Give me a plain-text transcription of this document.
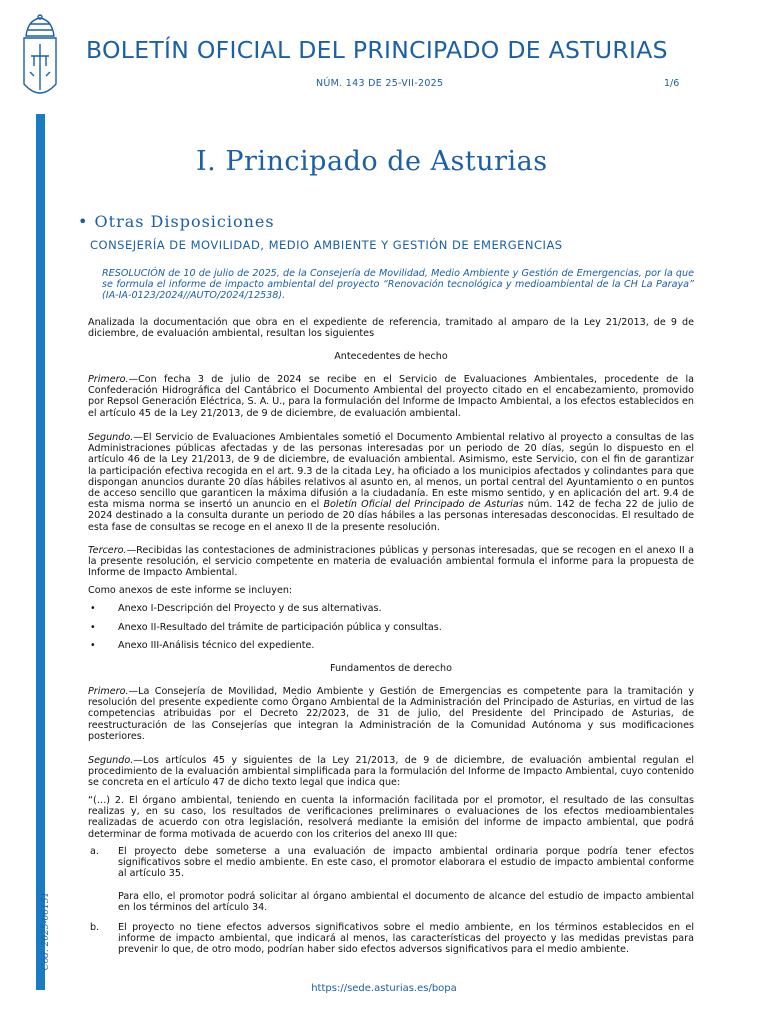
BOLETÍN OFICIAL DEL PRINCIPADO DE ASTURIAS
NÚM. 143 DE 25-VII-2025	1/6
Cód. 2025-06151
I. Principado de Asturias
• Otras Disposiciones
CONSEJERÍA DE MOVILIDAD, MEDIO AMBIENTE Y GESTIÓN DE EMERGENCIAS
RESOLUCIÓN de 10 de julio de 2025, de la Consejería de Movilidad, Medio Ambiente y Gestión de Emergencias, por la que se formula el informe de impacto ambiental del proyecto “Renovación tecnológica y medioambiental de la CH La Paraya” (IA-IA-0123/2024//AUTO/2024/12538).
Analizada la documentación que obra en el expediente de referencia, tramitado al amparo de la Ley 21/2013, de 9 de diciembre, de evaluación ambiental, resultan los siguientes
Antecedentes de hecho
Primero.—Con fecha 3 de julio de 2024 se recibe en el Servicio de Evaluaciones Ambientales, procedente de la Confederación Hidrográfica del Cantábrico el Documento Ambiental del proyecto citado en el encabezamiento, promovido por Repsol Generación Eléctrica, S. A. U., para la formulación del Informe de Impacto Ambiental, a los efectos establecidos en el artículo 45 de la Ley 21/2013, de 9 de diciembre, de evaluación ambiental.
Segundo.—El Servicio de Evaluaciones Ambientales sometió el Documento Ambiental relativo al proyecto a consultas de las Administraciones públicas afectadas y de las personas interesadas por un periodo de 20 días, según lo dispuesto en el artículo 46 de la Ley 21/2013, de 9 de diciembre, de evaluación ambiental. Asimismo, este Servicio, con el fin de garantizar la participación efectiva recogida en el art. 9.3 de la citada Ley, ha oficiado a los municipios afectados y colindantes para que dispongan anuncios durante 20 días hábiles relativos al asunto en, al menos, un portal central del Ayuntamiento o en puntos de acceso sencillo que garanticen la máxima difusión a la ciudadanía. En este mismo sentido, y en aplicación del art. 9.4 de esta misma norma se insertó un anuncio en el Boletín Oficial del Principado de Asturias núm. 142 de fecha 22 de julio de 2024 destinado a la consulta durante un periodo de 20 días hábiles a las personas interesadas desconocidas. El resultado de esta fase de consultas se recoge en el anexo II de la presente resolución.
Tercero.—Recibidas las contestaciones de administraciones públicas y personas interesadas, que se recogen en el anexo II a la presente resolución, el servicio competente en materia de evaluación ambiental formula el informe para la propuesta de Informe de Impacto Ambiental.
Como anexos de este informe se incluyen:
• Anexo I-Descripción del Proyecto y de sus alternativas.
• Anexo II-Resultado del trámite de participación pública y consultas.
• Anexo III-Análisis técnico del expediente.
Fundamentos de derecho
Primero.—La Consejería de Movilidad, Medio Ambiente y Gestión de Emergencias es competente para la tramitación y resolución del presente expediente como Órgano Ambiental de la Administración del Principado de Asturias, en virtud de las competencias atribuidas por el Decreto 22/2023, de 31 de julio, del Presidente del Principado de Asturias, de reestructuración de las Consejerías que integran la Administración de la Comunidad Autónoma y sus modificaciones posteriores.
Segundo.—Los artículos 45 y siguientes de la Ley 21/2013, de 9 de diciembre, de evaluación ambiental regulan el procedimiento de la evaluación ambiental simplificada para la formulación del Informe de Impacto Ambiental, cuyo contenido se concreta en el artículo 47 de dicho texto legal que indica que:
“(…) 2. El órgano ambiental, teniendo en cuenta la información facilitada por el promotor, el resultado de las consultas realizas y, en su caso, los resultados de verificaciones preliminares o evaluaciones de los efectos medioambientales realizadas de acuerdo con otra legislación, resolverá mediante la emisión del informe de impacto ambiental, que podrá determinar de forma motivada de acuerdo con los criterios del anexo III que:
a. El proyecto debe someterse a una evaluación de impacto ambiental ordinaria porque podría tener efectos significativos sobre el medio ambiente. En este caso, el promotor elaborara el estudio de impacto ambiental conforme al artículo 35.
Para ello, el promotor podrá solicitar al órgano ambiental el documento de alcance del estudio de impacto ambiental en los términos del artículo 34.
b. El proyecto no tiene efectos adversos significativos sobre el medio ambiente, en los términos establecidos en el informe de impacto ambiental, que indicará al menos, las características del proyecto y las medidas previstas para prevenir lo que, de otro modo, podrían haber sido efectos adversos significativos para el medio ambiente.
https://sede.asturias.es/bopa
